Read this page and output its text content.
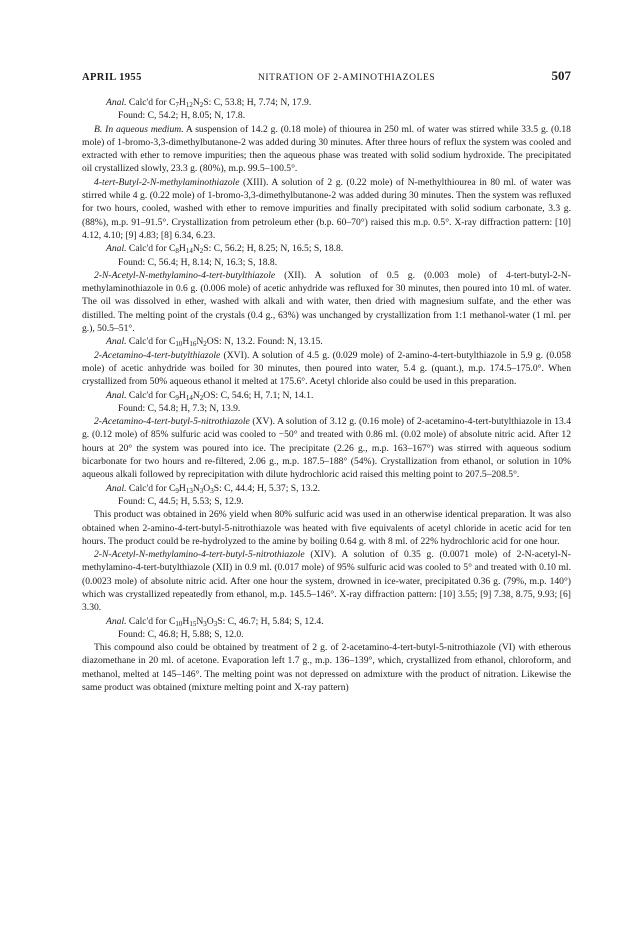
APRIL 1955	NITRATION OF 2-AMINOTHIAZOLES	507

Anal. Calc'd for $C_7H_{12}N_2S$: C, 53.8; H, 7.74; N, 17.9.

Found: C, 54.2; H, 8.05; N, 17.8.

B. In aqueous medium. A suspension of 14.2 g. (0.18 mole) of thiourea in 250 ml. of water was stirred while 33.5 g. (0.18 mole) of 1-bromo-3,3-dimethylbutanone-2 was added during 30 minutes. After three hours of reflux the system was cooled and extracted with ether to remove impurities; then the aqueous phase was treated with solid sodium hydroxide. The precipitated oil crystallized slowly, 23.3 g. (80%), m.p. 99.5–100.5°.

4-tert-Butyl-2-N-methylaminothiazole (XIII). A solution of 2 g. (0.22 mole) of N-methylthiourea in 80 ml. of water was stirred while 4 g. (0.22 mole) of 1-bromo-3,3-dimethylbutanone-2 was added during 30 minutes. Then the system was refluxed for two hours, cooled, washed with ether to remove impurities and finally precipitated with solid sodium carbonate, 3.3 g. (88%), m.p. 91–91.5°. Crystallization from petroleum ether (b.p. 60–70°) raised this m.p. 0.5°. X-ray diffraction pattern: [10] 4.12, 4.10; [9] 4.83; [8] 6.34, 6.23.

Anal. Calc'd for $C_8H_{14}N_2S$: C, 56.2; H, 8.25; N, 16.5; S, 18.8.

Found: C, 56.4; H, 8.14; N, 16.3; S, 18.8.

2-N-Acetyl-N-methylamino-4-tert-butylthiazole (XII). A solution of 0.5 g. (0.003 mole) of 4-tert-butyl-2-N-methylaminothiazole in 0.6 g. (0.006 mole) of acetic anhydride was refluxed for 30 minutes, then poured into 10 ml. of water. The oil was dissolved in ether, washed with alkali and with water, then dried with magnesium sulfate, and the ether was distilled. The melting point of the crystals (0.4 g., 63%) was unchanged by crystallization from 1:1 methanol-water (1 ml. per g.), 50.5–51°.

Anal. Calc'd for $C_{10}H_{16}N_2OS$: N, 13.2. Found: N, 13.15.

2-Acetamino-4-tert-butylthiazole (XVI). A solution of 4.5 g. (0.029 mole) of 2-amino-4-tert-butylthiazole in 5.9 g. (0.058 mole) of acetic anhydride was boiled for 30 minutes, then poured into water, 5.4 g. (quant.), m.p. 174.5–175.0°. When crystallized from 50% aqueous ethanol it melted at 175.6°. Acetyl chloride also could be used in this preparation.

Anal. Calc'd for $C_9H_{14}N_2OS$: C, 54.6; H, 7.1; N, 14.1.

Found: C, 54.8; H, 7.3; N, 13.9.

2-Acetamino-4-tert-butyl-5-nitrothiazole (XV). A solution of 3.12 g. (0.16 mole) of 2-acetamino-4-tert-butylthiazole in 13.4 g. (0.12 mole) of 85% sulfuric acid was cooled to −50° and treated with 0.86 ml. (0.02 mole) of absolute nitric acid. After 12 hours at 20° the system was poured into ice. The precipitate (2.26 g., m.p. 163–167°) was stirred with aqueous sodium bicarbonate for two hours and re-filtered, 2.06 g., m.p. 187.5–188° (54%). Crystallization from ethanol, or solution in 10% aqueous alkali followed by reprecipitation with dilute hydrochloric acid raised this melting point to 207.5–208.5°.

Anal. Calc'd for $C_9H_{13}N_3O_3S$: C, 44.4; H, 5.37; S, 13.2.

Found: C, 44.5; H, 5.53; S, 12.9.

This product was obtained in 26% yield when 80% sulfuric acid was used in an otherwise identical preparation. It was also obtained when 2-amino-4-tert-butyl-5-nitrothiazole was heated with five equivalents of acetyl chloride in acetic acid for ten hours. The product could be re-hydrolyzed to the amine by boiling 0.64 g. with 8 ml. of 22% hydrochloric acid for one hour.

2-N-Acetyl-N-methylamino-4-tert-butyl-5-nitrothiazole (XIV). A solution of 0.35 g. (0.0071 mole) of 2-N-acetyl-N-methylamino-4-tert-butylthiazole (XII) in 0.9 ml. (0.017 mole) of 95% sulfuric acid was cooled to 5° and treated with 0.10 ml. (0.0023 mole) of absolute nitric acid. After one hour the system, drowned in ice-water, precipitated 0.36 g. (79%, m.p. 140°) which was crystallized repeatedly from ethanol, m.p. 145.5–146°. X-ray diffraction pattern: [10] 3.55; [9] 7.38, 8.75, 9.93; [6] 3.30.

Anal. Calc'd for $C_{10}H_{15}N_3O_3S$: C, 46.7; H, 5.84; S, 12.4.

Found: C, 46.8; H, 5.88; S, 12.0.

This compound also could be obtained by treatment of 2 g. of 2-acetamino-4-tert-butyl-5-nitrothiazole (VI) with etherous diazomethane in 20 ml. of acetone. Evaporation left 1.7 g., m.p. 136–139°, which, crystallized from ethanol, chloroform, and methanol, melted at 145–146°. The melting point was not depressed on admixture with the product of nitration. Likewise the same product was obtained (mixture melting point and X-ray pattern)
